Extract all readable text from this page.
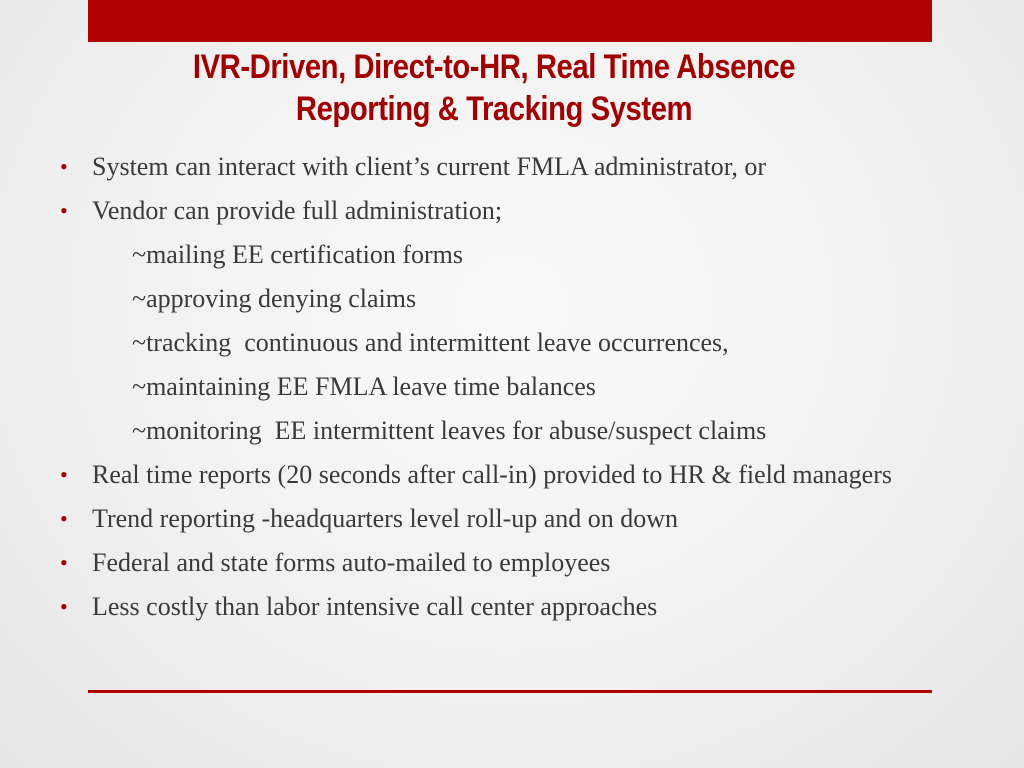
IVR-Driven, Direct-to-HR, Real Time Absence
Reporting & Tracking System
• System can interact with client’s current FMLA administrator, or
• Vendor can provide full administration;
~mailing EE certification forms
~approving denying claims
~tracking  continuous and intermittent leave occurrences,
~maintaining EE FMLA leave time balances
~monitoring  EE intermittent leaves for abuse/suspect claims
• Real time reports (20 seconds after call-in) provided to HR & field managers
• Trend reporting -headquarters level roll-up and on down
• Federal and state forms auto-mailed to employees
• Less costly than labor intensive call center approaches
